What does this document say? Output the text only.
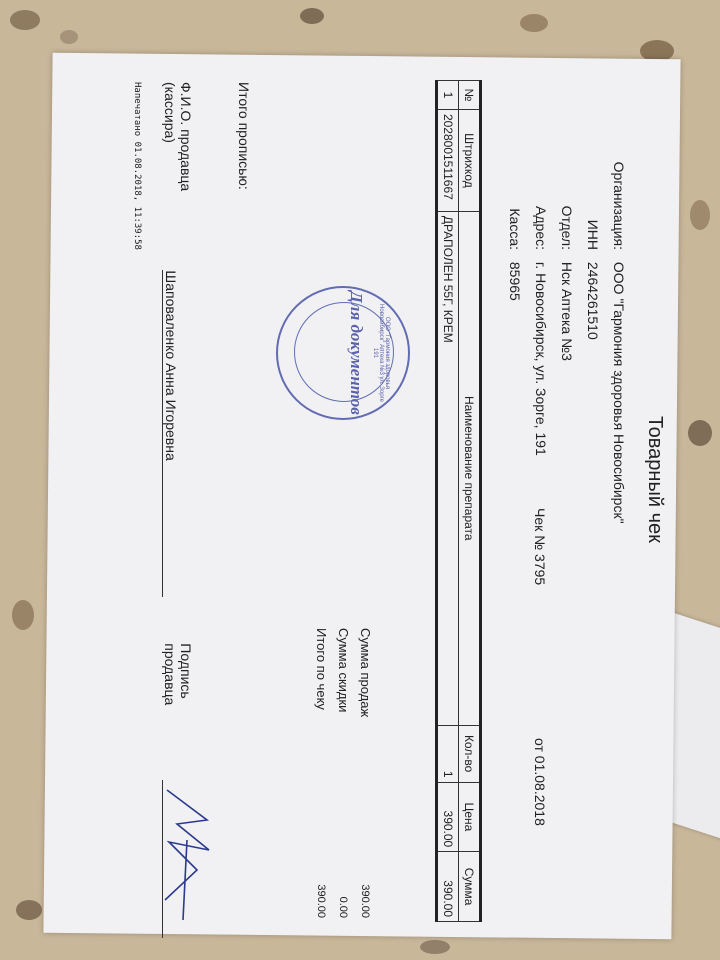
Товарный чек
Организация: ООО "Гармония здоровья Новосибирск"
ИНН 2464261510
Отдел: Нск Аптека №3
Адрес: г. Новосибирск, ул. Зорге, 191
Касса: 85965
Чек № 3795
от 01.08.2018
№	Штрихкод	Наименование препарата	Кол-во	Цена	Сумма
1	2028001511667	ДРАПОЛЕН 55Г, КРЕМ	1	390.00	390.00
Сумма продаж
390.00
Сумма скидки
0.00
Итого по чеку
390.00
ООО "Гармония здоровья Новосибирск" Аптека №3 ул. Зорге 191
Для документов
Итого прописью:
Ф.И.О. продавца (кассира)
Шаповаленко Анна Игоревна
Подпись продавца
Напечатано 01.08.2018, 11:39:58
